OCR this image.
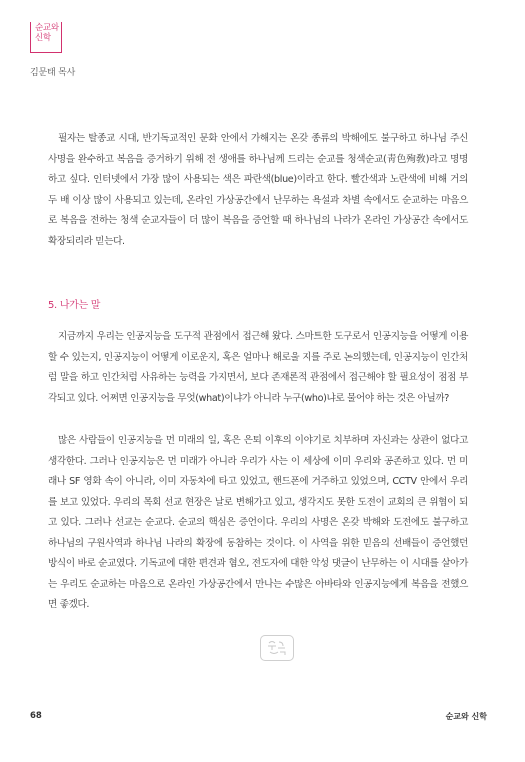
순교와
신학
김문태 목사

필자는 탈종교 시대, 반기독교적인 문화 안에서 가해지는 온갖 종류의 박해에도 불구하고 하나님 주신 사명을 완수하고 복음을 증거하기 위해 전 생애를 하나님께 드리는 순교를 청색순교(靑色殉敎)라고 명명하고 싶다. 인터넷에서 가장 많이 사용되는 색은 파란색(blue)이라고 한다. 빨간색과 노란색에 비해 거의 두 배 이상 많이 사용되고 있는데, 온라인 가상공간에서 난무하는 욕설과 차별 속에서도 순교하는 마음으로 복음을 전하는 청색 순교자들이 더 많이 복음을 증언할 때 하나님의 나라가 온라인 가상공간 속에서도 확장되리라 믿는다.

5. 나가는 말

지금까지 우리는 인공지능을 도구적 관점에서 접근해 왔다. 스마트한 도구로서 인공지능을 어떻게 이용할 수 있는지, 인공지능이 어떻게 이로운지, 혹은 얼마나 해로울 지를 주로 논의했는데, 인공지능이 인간처럼 말을 하고 인간처럼 사유하는 능력을 가지면서, 보다 존재론적 관점에서 접근해야 할 필요성이 점점 부각되고 있다. 어쩌면 인공지능을 무엇(what)이냐가 아니라 누구(who)냐로 물어야 하는 것은 아닐까?

많은 사람들이 인공지능을 먼 미래의 일, 혹은 은퇴 이후의 이야기로 치부하며 자신과는 상관이 없다고 생각한다. 그러나 인공지능은 먼 미래가 아니라 우리가 사는 이 세상에 이미 우리와 공존하고 있다. 먼 미래나 SF 영화 속이 아니라, 이미 자동차에 타고 있었고, 핸드폰에 거주하고 있었으며, CCTV 안에서 우리를 보고 있었다. 우리의 목회 선교 현장은 날로 변해가고 있고, 생각지도 못한 도전이 교회의 큰 위협이 되고 있다. 그러나 선교는 순교다. 순교의 핵심은 증언이다. 우리의 사명은 온갖 박해와 도전에도 불구하고 하나님의 구원사역과 하나님 나라의 확장에 동참하는 것이다. 이 사역을 위한 믿음의 선배들이 증언했던 방식이 바로 순교였다. 기독교에 대한 편견과 혐오, 전도자에 대한 악성 댓글이 난무하는 이 시대를 살아가는 우리도 순교하는 마음으로 온라인 가상공간에서 만나는 수많은 아바타와 인공지능에게 복음을 전했으면 좋겠다.

68	순교와 신학
